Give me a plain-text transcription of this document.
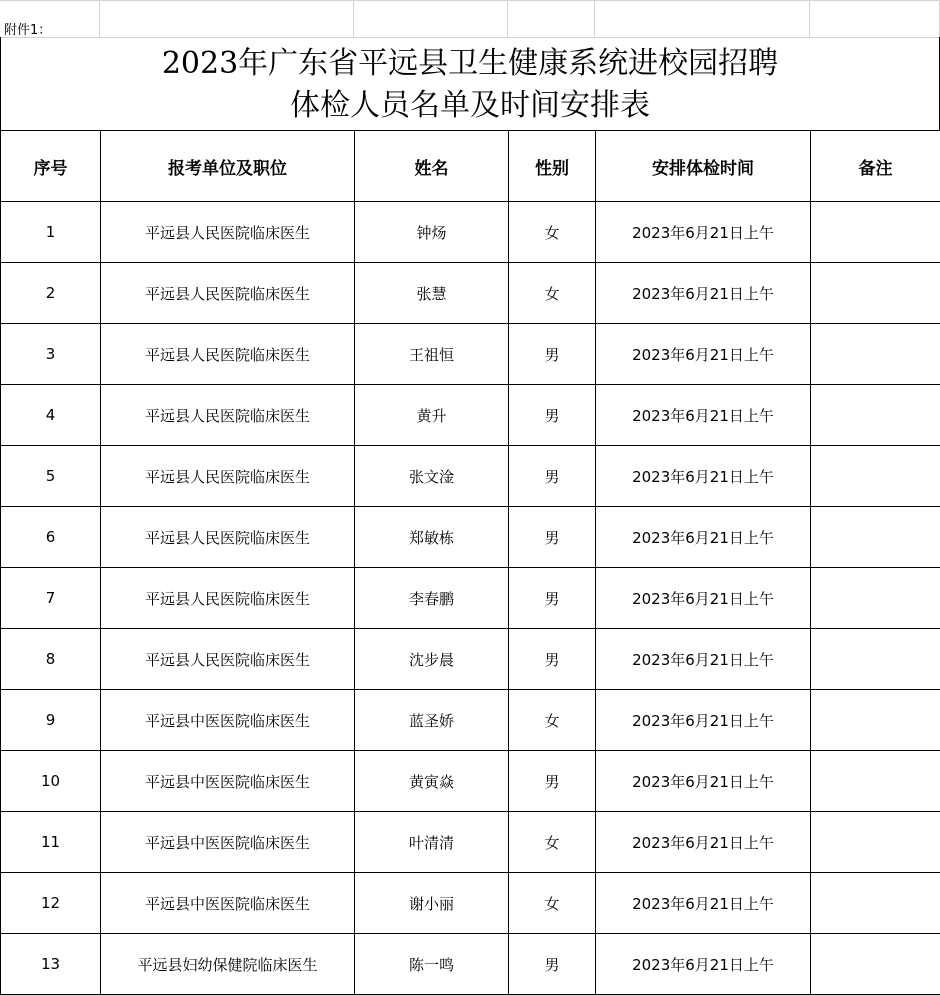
附件1：
2023年广东省平远县卫生健康系统进校园招聘
体检人员名单及时间安排表
序号	报考单位及职位	姓名	性别	安排体检时间	备注
1	平远县人民医院临床医生	钟炀	女	2023年6月21日上午	
2	平远县人民医院临床医生	张慧	女	2023年6月21日上午	
3	平远县人民医院临床医生	王祖恒	男	2023年6月21日上午	
4	平远县人民医院临床医生	黄升	男	2023年6月21日上午	
5	平远县人民医院临床医生	张文淦	男	2023年6月21日上午	
6	平远县人民医院临床医生	郑敏栋	男	2023年6月21日上午	
7	平远县人民医院临床医生	李春鹏	男	2023年6月21日上午	
8	平远县人民医院临床医生	沈步晨	男	2023年6月21日上午	
9	平远县中医医院临床医生	蓝圣娇	女	2023年6月21日上午	
10	平远县中医医院临床医生	黄寅焱	男	2023年6月21日上午	
11	平远县中医医院临床医生	叶清清	女	2023年6月21日上午	
12	平远县中医医院临床医生	谢小丽	女	2023年6月21日上午	
13	平远县妇幼保健院临床医生	陈一鸣	男	2023年6月21日上午	
